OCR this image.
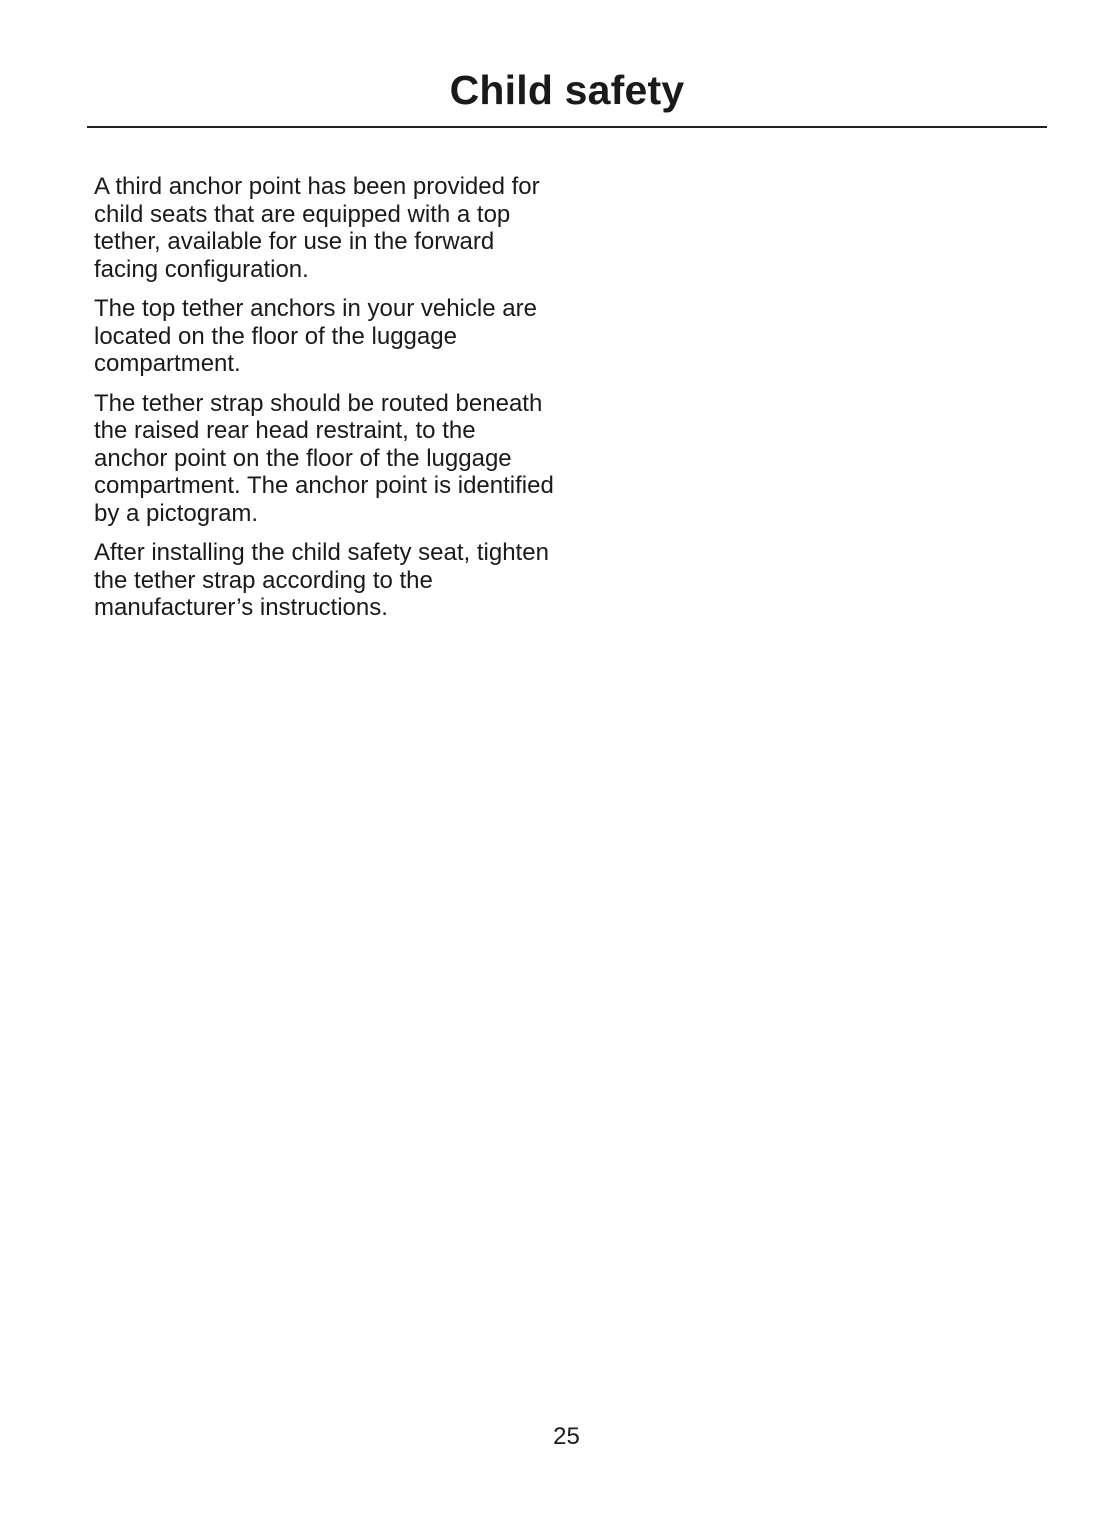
Child safety

A third anchor point has been provided for child seats that are equipped with a top tether, available for use in the forward facing configuration.

The top tether anchors in your vehicle are located on the floor of the luggage compartment.

The tether strap should be routed beneath the raised rear head restraint, to the anchor point on the floor of the luggage compartment. The anchor point is identified by a pictogram.

After installing the child safety seat, tighten the tether strap according to the manufacturer’s instructions.

25
